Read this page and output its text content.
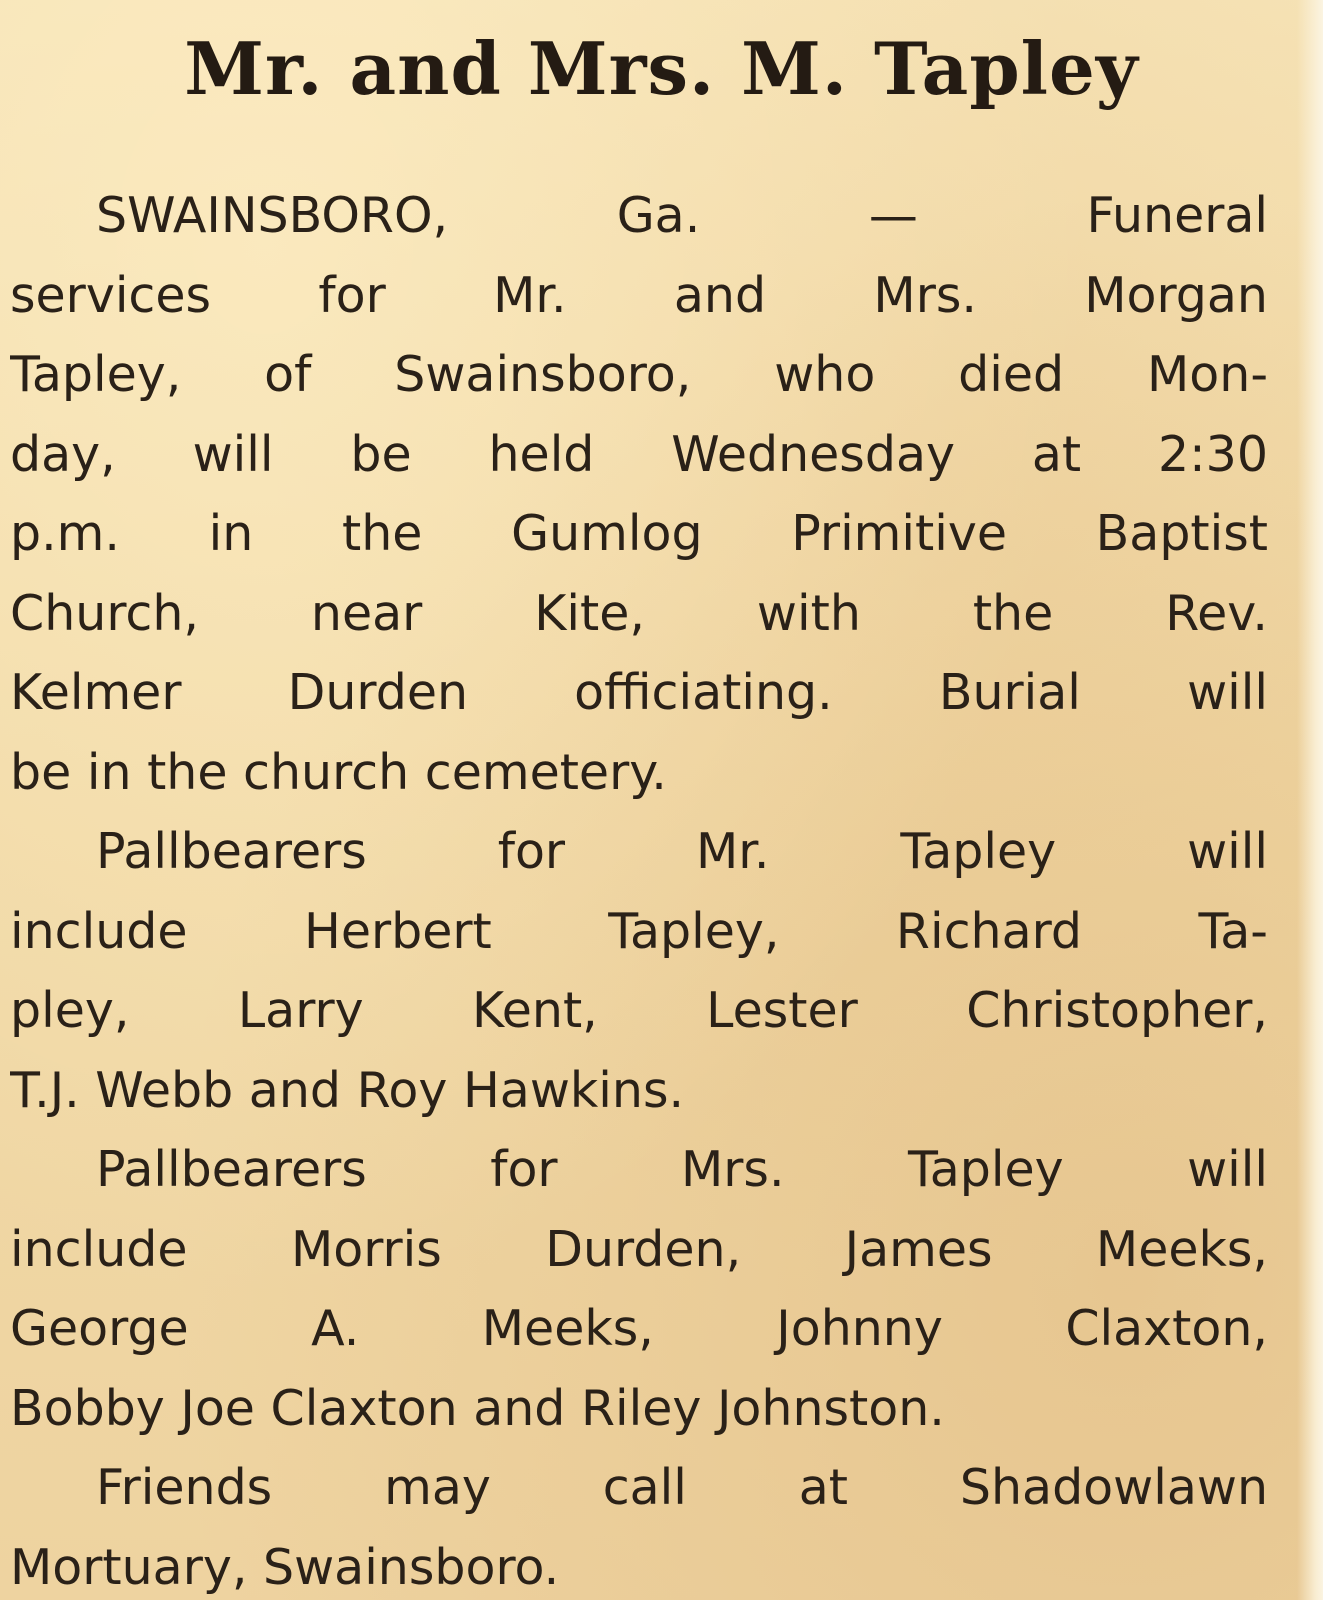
Mr. and Mrs. M. Tapley
SWAINSBORO, Ga. — Funeral
services for Mr. and Mrs. Morgan
Tapley, of Swainsboro, who died Mon-
day, will be held Wednesday at 2:30
p.m. in the Gumlog Primitive Baptist
Church, near Kite, with the Rev.
Kelmer Durden officiating. Burial will
be in the church cemetery.
Pallbearers for Mr. Tapley will
include Herbert Tapley, Richard Ta-
pley, Larry Kent, Lester Christopher,
T.J. Webb and Roy Hawkins.
Pallbearers for Mrs. Tapley will
include Morris Durden, James Meeks,
George A. Meeks, Johnny Claxton,
Bobby Joe Claxton and Riley Johnston.
Friends may call at Shadowlawn
Mortuary, Swainsboro.
